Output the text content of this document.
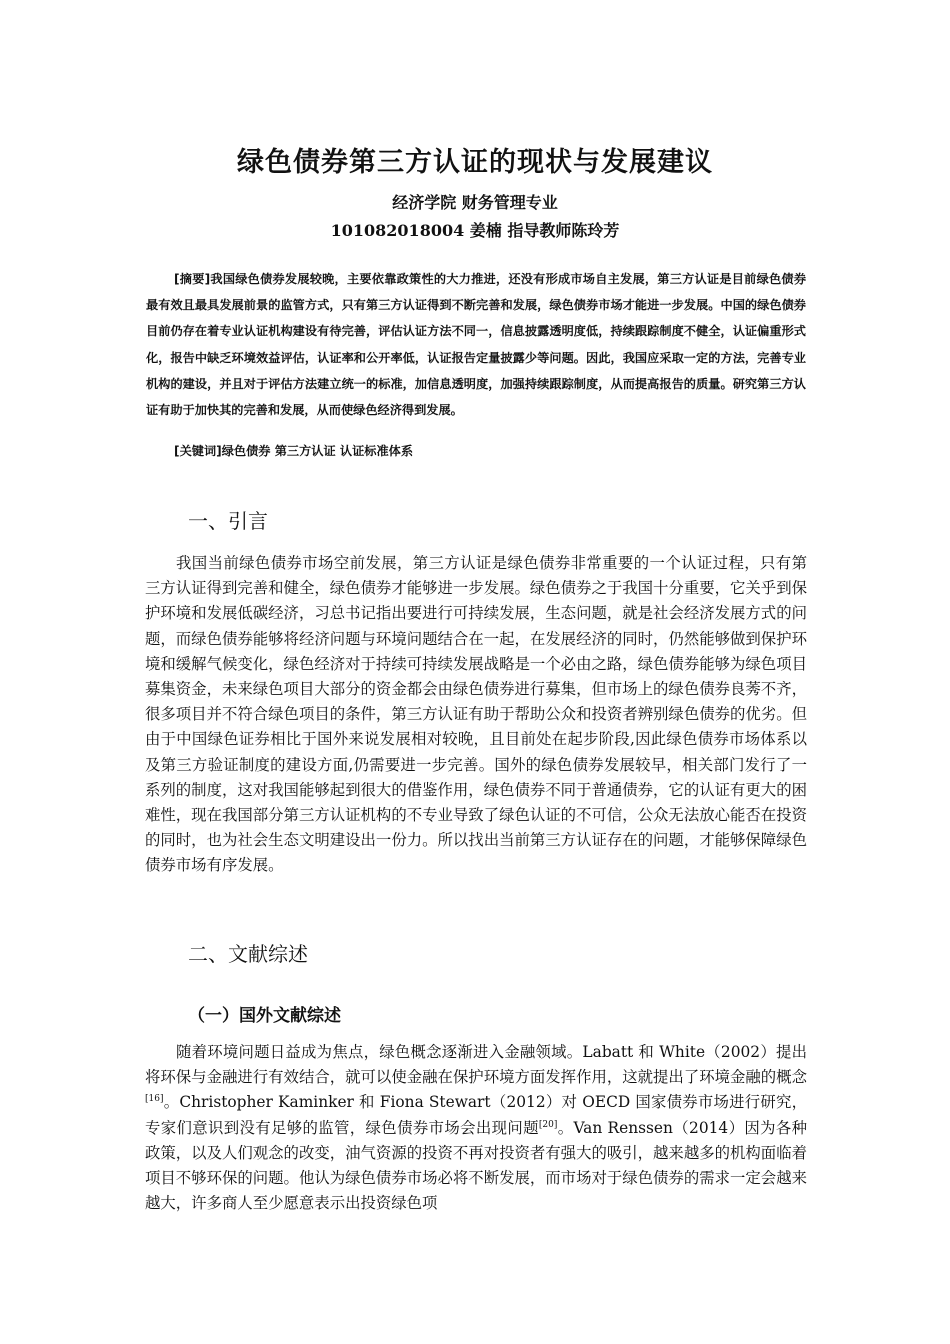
绿色债券第三方认证的现状与发展建议
经济学院 财务管理专业
101082018004 姜楠 指导教师陈玲芳

[摘要]我国绿色债券发展较晚，主要依靠政策性的大力推进，还没有形成市场自主发展，第三方认证是目前绿色债券最有效且最具发展前景的监管方式，只有第三方认证得到不断完善和发展，绿色债券市场才能进一步发展。中国的绿色债券目前仍存在着专业认证机构建设有待完善，评估认证方法不同一，信息披露透明度低，持续跟踪制度不健全，认证偏重形式化，报告中缺乏环境效益评估，认证率和公开率低，认证报告定量披露少等问题。因此，我国应采取一定的方法，完善专业机构的建设，并且对于评估方法建立统一的标准，加信息透明度，加强持续跟踪制度，从而提高报告的质量。研究第三方认证有助于加快其的完善和发展，从而使绿色经济得到发展。

[关键词]绿色债券 第三方认证 认证标准体系

一、引言

我国当前绿色债券市场空前发展，第三方认证是绿色债券非常重要的一个认证过程，只有第三方认证得到完善和健全，绿色债券才能够进一步发展。绿色债券之于我国十分重要，它关乎到保护环境和发展低碳经济，习总书记指出要进行可持续发展，生态问题，就是社会经济发展方式的问题，而绿色债券能够将经济问题与环境问题结合在一起，在发展经济的同时，仍然能够做到保护环境和缓解气候变化，绿色经济对于持续可持续发展战略是一个必由之路，绿色债券能够为绿色项目募集资金，未来绿色项目大部分的资金都会由绿色债券进行募集，但市场上的绿色债券良莠不齐，很多项目并不符合绿色项目的条件，第三方认证有助于帮助公众和投资者辨别绿色债券的优劣。但由于中国绿色证券相比于国外来说发展相对较晚，且目前处在起步阶段,因此绿色债券市场体系以及第三方验证制度的建设方面,仍需要进一步完善。国外的绿色债券发展较早，相关部门发行了一系列的制度，这对我国能够起到很大的借鉴作用，绿色债券不同于普通债券，它的认证有更大的困难性，现在我国部分第三方认证机构的不专业导致了绿色认证的不可信，公众无法放心能否在投资的同时，也为社会生态文明建设出一份力。所以找出当前第三方认证存在的问题，才能够保障绿色债券市场有序发展。

二、文献综述
（一）国外文献综述

随着环境问题日益成为焦点，绿色概念逐渐进入金融领域。Labatt 和 White（2002）提出将环保与金融进行有效结合，就可以使金融在保护环境方面发挥作用，这就提出了环境金融的概念[16]。Christopher Kaminker 和 Fiona Stewart（2012）对 OECD 国家债券市场进行研究，专家们意识到没有足够的监管，绿色债券市场会出现问题[20]。Van Renssen（2014）因为各种政策，以及人们观念的改变，油气资源的投资不再对投资者有强大的吸引，越来越多的机构面临着项目不够环保的问题。他认为绿色债券市场必将不断发展，而市场对于绿色债券的需求一定会越来越大，许多商人至少愿意表示出投资绿色项
